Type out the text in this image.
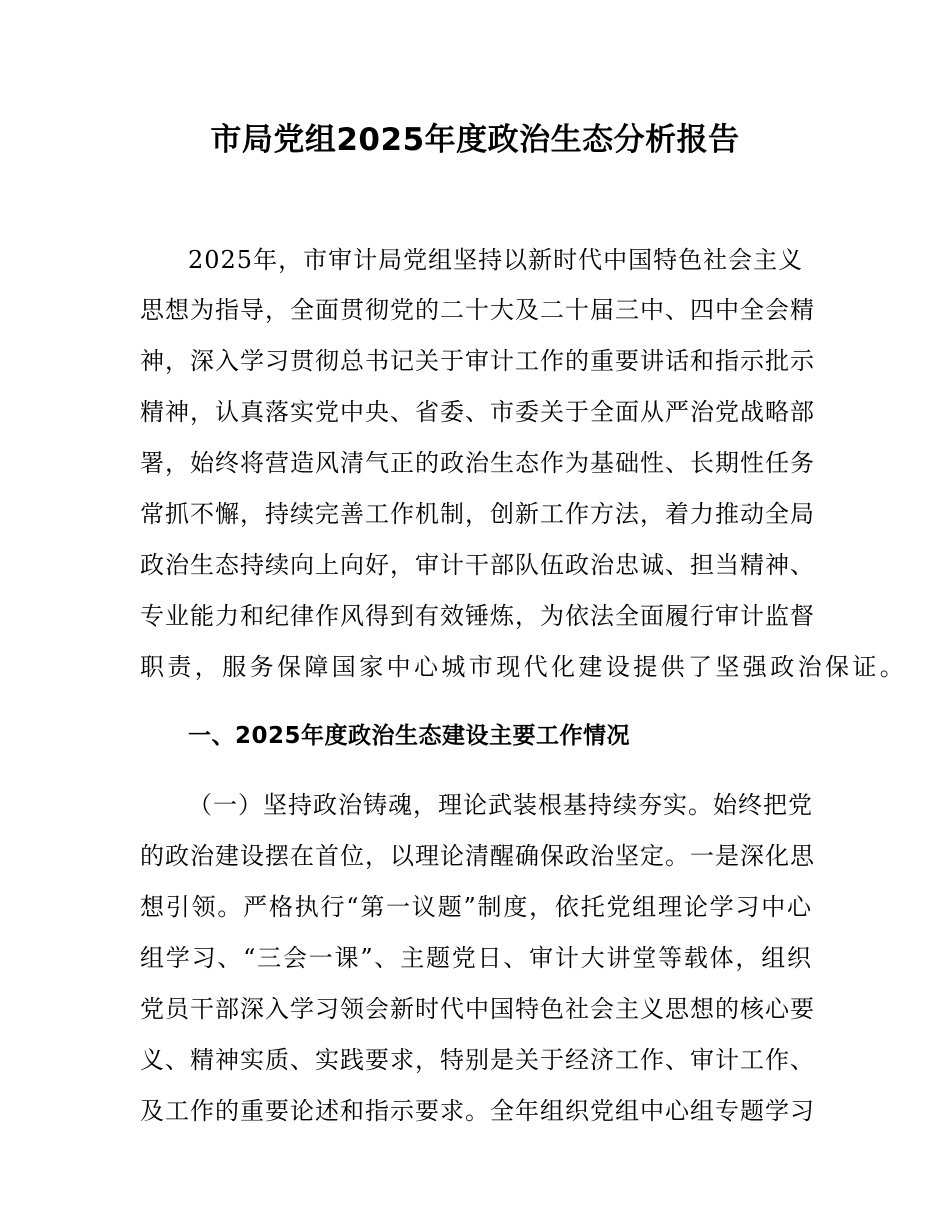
市局党组2025年度政治生态分析报告
2025年，市审计局党组坚持以新时代中国特色社会主义
思想为指导，全面贯彻党的二十大及二十届三中、四中全会精
神，深入学习贯彻总书记关于审计工作的重要讲话和指示批示
精神，认真落实党中央、省委、市委关于全面从严治党战略部
署，始终将营造风清气正的政治生态作为基础性、长期性任务
常抓不懈，持续完善工作机制，创新工作方法，着力推动全局
政治生态持续向上向好，审计干部队伍政治忠诚、担当精神、
专业能力和纪律作风得到有效锤炼，为依法全面履行审计监督
职责，服务保障国家中心城市现代化建设提供了坚强政治保证。
一、2025年度政治生态建设主要工作情况
（一）坚持政治铸魂，理论武装根基持续夯实。始终把党
的政治建设摆在首位，以理论清醒确保政治坚定。一是深化思
想引领。严格执行“第一议题”制度，依托党组理论学习中心
组学习、“三会一课”、主题党日、审计大讲堂等载体，组织
党员干部深入学习领会新时代中国特色社会主义思想的核心要
义、精神实质、实践要求，特别是关于经济工作、审计工作、
及工作的重要论述和指示要求。全年组织党组中心组专题学习
